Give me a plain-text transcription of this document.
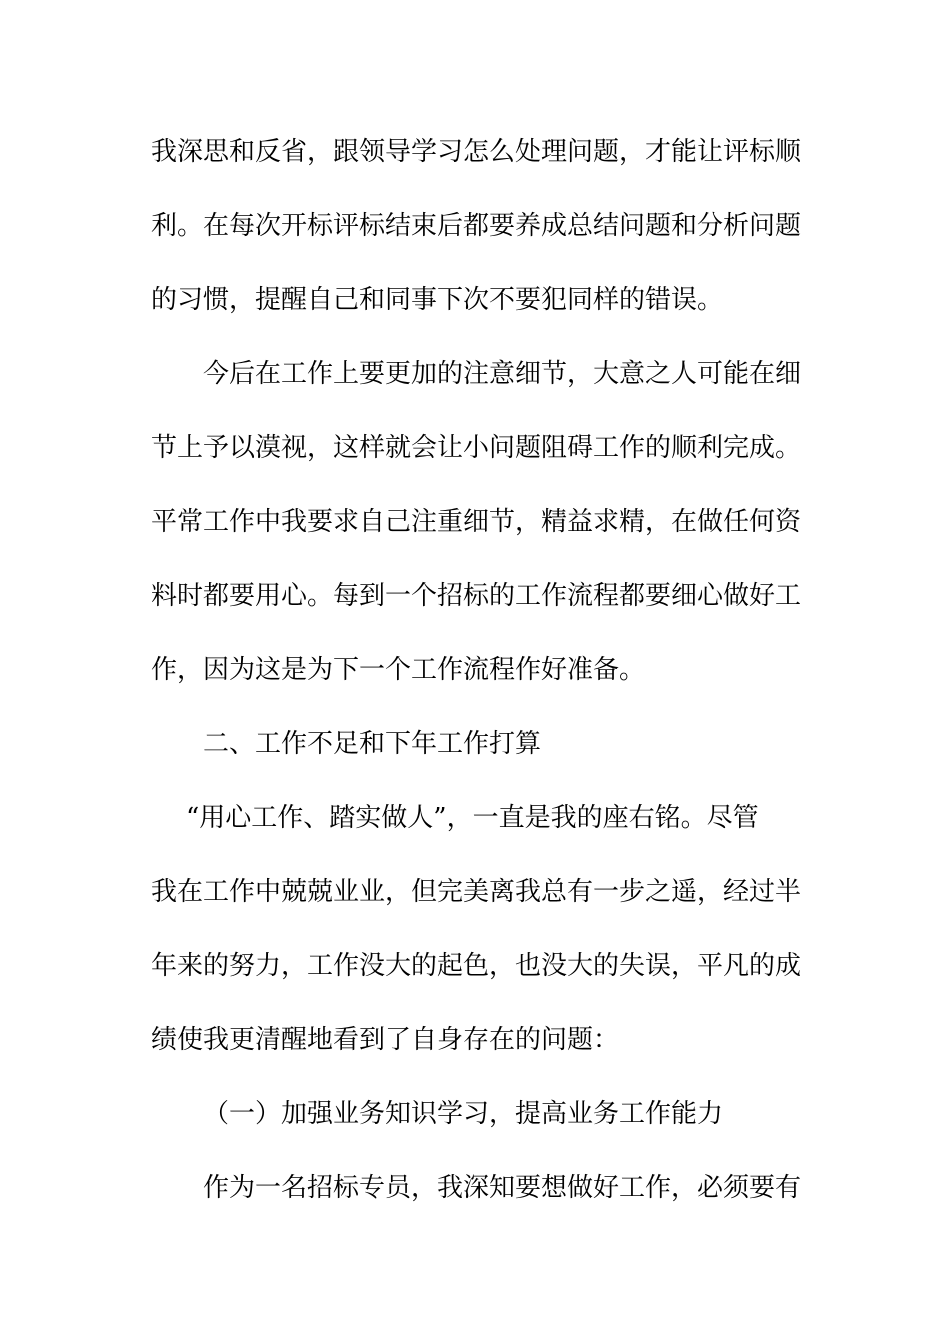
我深思和反省，跟领导学习怎么处理问题，才能让评标顺
利。在每次开标评标结束后都要养成总结问题和分析问题
的习惯，提醒自己和同事下次不要犯同样的错误。
今后在工作上要更加的注意细节，大意之人可能在细
节上予以漠视，这样就会让小问题阻碍工作的顺利完成。
平常工作中我要求自己注重细节，精益求精，在做任何资
料时都要用心。每到一个招标的工作流程都要细心做好工
作，因为这是为下一个工作流程作好准备。
二、工作不足和下年工作打算
“用心工作、踏实做人”，一直是我的座右铭。尽管
我在工作中兢兢业业，但完美离我总有一步之遥，经过半
年来的努力，工作没大的起色，也没大的失误，平凡的成
绩使我更清醒地看到了自身存在的问题：
（一）加强业务知识学习，提高业务工作能力
作为一名招标专员，我深知要想做好工作，必须要有
